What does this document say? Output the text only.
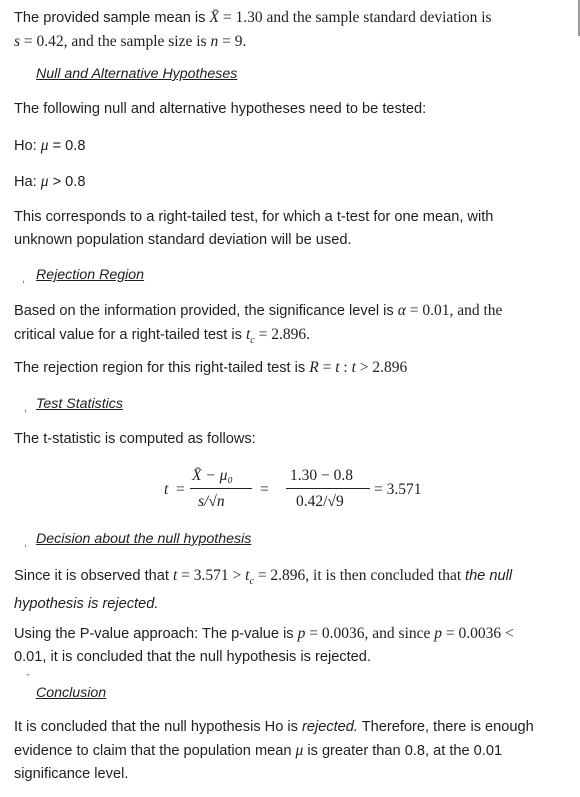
The provided sample mean is X̄ = 1.30 and the sample standard deviation is
s = 0.42, and the sample size is n = 9.

Null and Alternative Hypotheses

The following null and alternative hypotheses need to be tested:

Ho: μ = 0.8

Ha: μ > 0.8

This corresponds to a right-tailed test, for which a t-test for one mean, with
unknown population standard deviation will be used.

, Rejection Region

Based on the information provided, the significance level is α = 0.01, and the
critical value for a right-tailed test is $t_c = 2.896$.

The rejection region for this right-tailed test is R = t : t > 2.896

, Test Statistics

The t-statistic is computed as follows:

t =
X̄ − μ₀
s/√n
=
1.30 − 0.8
0.42/√9
= 3.571
, Decision about the null hypothesis

Since it is observed that $t = 3.571 > t_c = 2.896$, it is then concluded that the null
hypothesis is rejected.

Using the P-value approach: The p-value is p = 0.0036, and since p = 0.0036 <
0.01, it is concluded that the null hypothesis is rejected.

ˇ
Conclusion

It is concluded that the null hypothesis Ho is rejected. Therefore, there is enough
evidence to claim that the population mean μ is greater than 0.8, at the 0.01
significance level.
